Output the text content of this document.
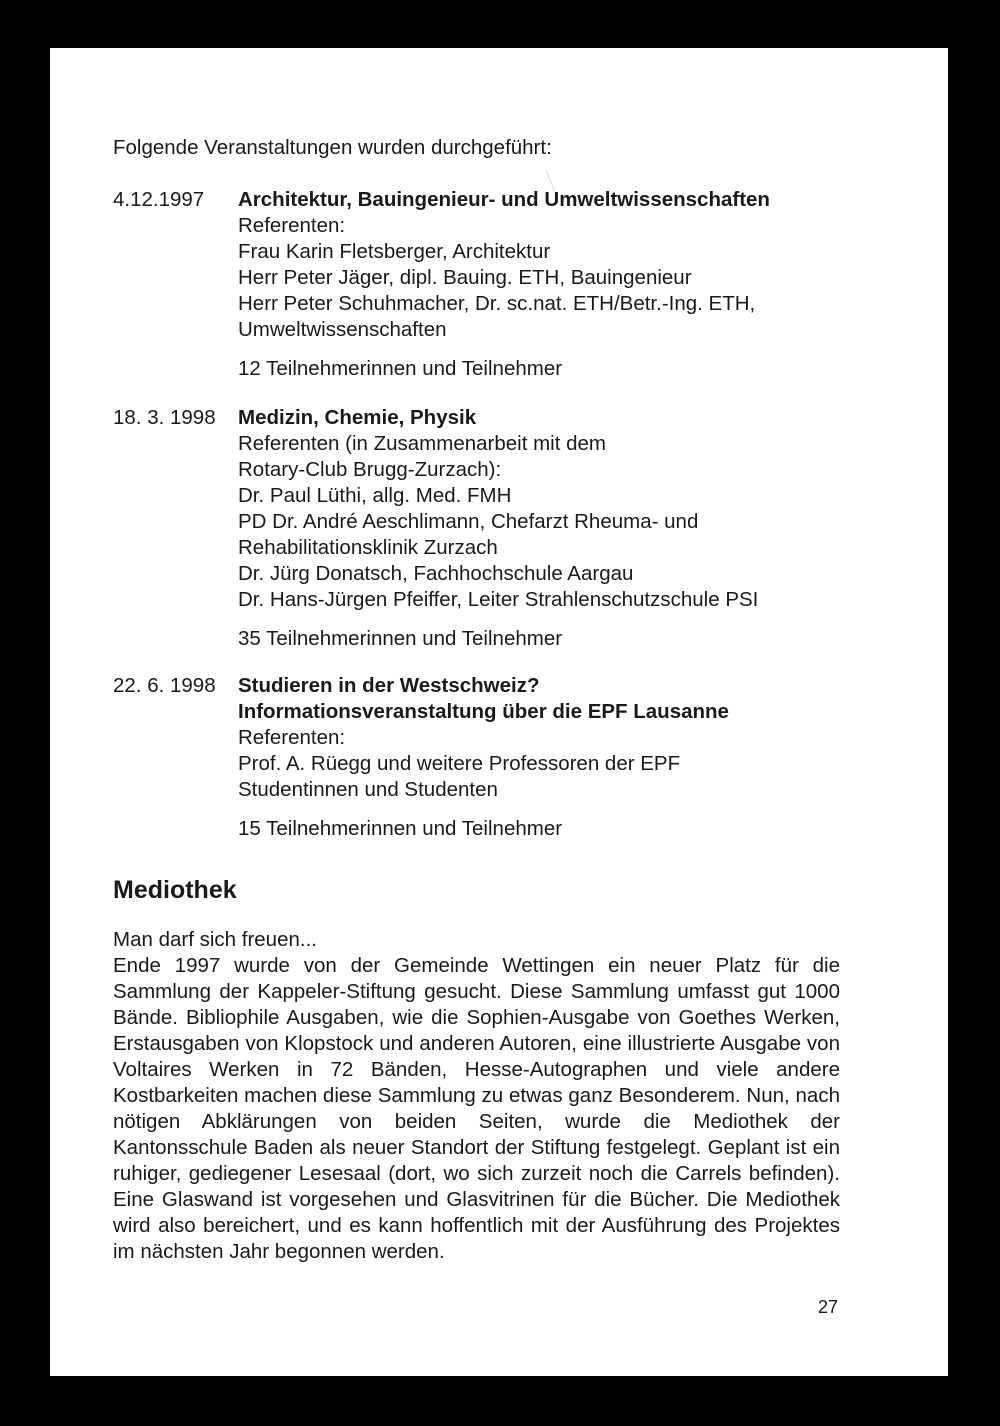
Folgende Veranstaltungen wurden durchgeführt:
4.12.1997	Architektur, Bauingenieur- und Umweltwissenschaften
Referenten:
Frau Karin Fletsberger, Architektur
Herr Peter Jäger, dipl. Bauing. ETH, Bauingenieur
Herr Peter Schuhmacher, Dr. sc.nat. ETH/Betr.-Ing. ETH,
Umweltwissenschaften
12 Teilnehmerinnen und Teilnehmer
18. 3. 1998	Medizin, Chemie, Physik
Referenten (in Zusammenarbeit mit dem
Rotary-Club Brugg-Zurzach):
Dr. Paul Lüthi, allg. Med. FMH
PD Dr. André Aeschlimann, Chefarzt Rheuma- und
Rehabilitationsklinik Zurzach
Dr. Jürg Donatsch, Fachhochschule Aargau
Dr. Hans-Jürgen Pfeiffer, Leiter Strahlenschutzschule PSI
35 Teilnehmerinnen und Teilnehmer
22. 6. 1998	Studieren in der Westschweiz?
Informationsveranstaltung über die EPF Lausanne
Referenten:
Prof. A. Rüegg und weitere Professoren der EPF
Studentinnen und Studenten
15 Teilnehmerinnen und Teilnehmer
Mediothek
Man darf sich freuen...
Ende 1997 wurde von der Gemeinde Wettingen ein neuer Platz für die Sammlung der Kappeler-Stiftung gesucht. Diese Sammlung umfasst gut 1000 Bände. Bibliophile Ausgaben, wie die Sophien-Ausgabe von Goethes Werken, Erstausgaben von Klopstock und anderen Autoren, eine illustrierte Ausgabe von Voltaires Werken in 72 Bänden, Hesse-Autographen und viele andere Kostbarkeiten machen diese Sammlung zu etwas ganz Besonderem. Nun, nach nötigen Abklärungen von beiden Seiten, wurde die Mediothek der Kantonsschule Baden als neuer Standort der Stiftung festgelegt. Geplant ist ein ruhiger, gediegener Lesesaal (dort, wo sich zurzeit noch die Carrels befinden). Eine Glaswand ist vorgesehen und Glasvitrinen für die Bücher. Die Mediothek wird also bereichert, und es kann hoffentlich mit der Ausführung des Projektes im nächsten Jahr begonnen werden.
27
